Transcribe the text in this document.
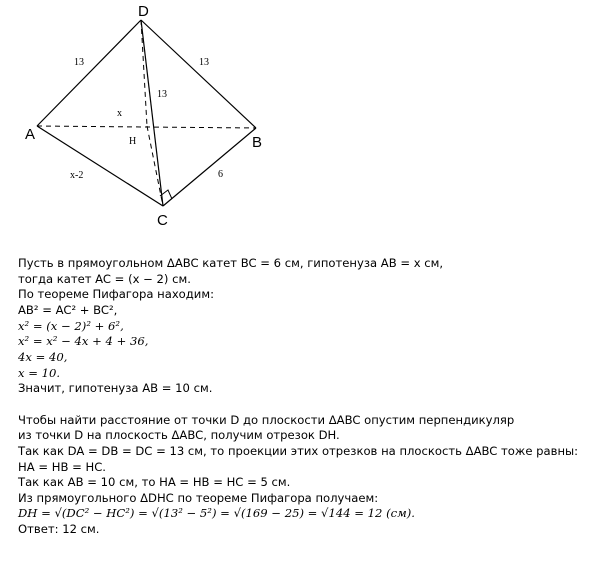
D
A	B
C
H
13	13
13
x
x-2	6
Пусть в прямоугольном ΔABC катет BC = 6 см, гипотенуза AB = x см,
тогда катет AC = (x − 2) см.
По теореме Пифагора находим:
AB² = AC² + BC²,
x² = (x − 2)² + 6²,
x² = x² − 4x + 4 + 36,
4x = 40,
x = 10.
Значит, гипотенуза AB = 10 см.
Чтобы найти расстояние от точки D до плоскости ΔABC опустим перпендикуляр
из точки D на плоскость ΔABC, получим отрезок DH.
Так как DA = DB = DC = 13 см, то проекции этих отрезков на плоскость ΔABC тоже равны:
HA = HB = HC.
Так как AB = 10 см, то HA = HB = HC = 5 см.
Из прямоугольного ΔDHC по теореме Пифагора получаем:
DH = √(DC² − HC²) = √(13² − 5²) = √(169 − 25) = √144 = 12 (см).
Ответ: 12 см.
